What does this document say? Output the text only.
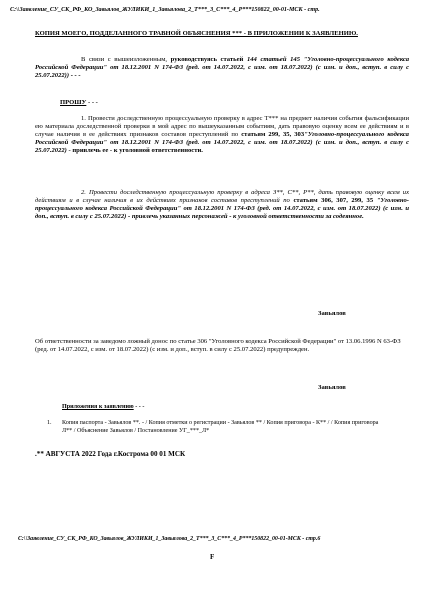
C:\\Заявление_СУ_СК_РФ_КО_Завьялов_ЖУЛИКИ_1_Завьялова_2_Т***_3_С***_4_Р***150822_00-01-МСК - стр.
КОПИЯ МОЕГО, ПОДДЕЛАННОГО ТРАВНОЙ ОБЪЯСНЕНИЯ *** - В ПРИЛОЖЕНИИ К ЗАЯВЛЕНИЮ.
В связи с вышеизложенным, руководствуясь статьей 144 статьей 145 "Уголовно-процессуального кодекса Российской Федерации" от 18.12.2001 N 174-ФЗ (ред. от 14.07.2022, с изм. от 18.07.2022) (с изм. и доп., вступ. в силу с 25.07.2022)) - - -
ПРОШУ - - -
1. Провести доследственную процессуальную проверку в адрес Т*** на предмет наличия события фальсификации ею материала доследственной проверки в мой адрес по вышеуказанным событиям, дать правовую оценку всем ее действиям и в случае наличия в ее действиях признаков составов преступлений по статьям 299, 35, 303"Уголовно-процессуального кодекса Российской Федерации" от 18.12.2001 N 174-ФЗ (ред. от 14.07.2022, с изм. от 18.07.2022) (с изм. и доп., вступ. в силу с 25.07.2022) - привлечь ее - к уголовной ответственности.
2. Провести доследственную процессуальную проверку в адреса З**, С**, Р**, дать правовую оценку всем их действиям и в случае наличия в их действиях признаков составов преступлений по статьям 306, 307, 299, 35 "Уголовно-процессуального кодекса Российской Федерации" от 18.12.2001 N 174-ФЗ (ред. от 14.07.2022, с изм. от 18.07.2022) (с изм. и доп., вступ. в силу с 25.07.2022) - привлечь указанных персонажей - к уголовной ответственности за содеянное.
Завьялов
Об ответственности за заведомо ложный донос по статье 306 "Уголовного кодекса Российской Федерации" от 13.06.1996 N 63-ФЗ (ред. от 14.07.2022, с изм. от 18.07.2022) (с изм. и доп., вступ. в силу с 25.07.2022) предупрежден.
Завьялов
Приложения к заявлению - - -
1. Копия паспорта - Завьялов **. - / Копия отметки о регистрации - Завьялов ** / Копия приговора - К** / / Копия приговора Л** / Объяснение Завьялов / Постановление УГ_***_Л*
.** АВГУСТА 2022 Года г.Кострома 00 01 МСК
C:\\Заявление_СУ_СК_РФ_КО_Завьялов_ЖУЛИКИ_1_Завьялова_2_Т***_3_С***_4_Р***150822_00-01-МСК - стр.6
F
